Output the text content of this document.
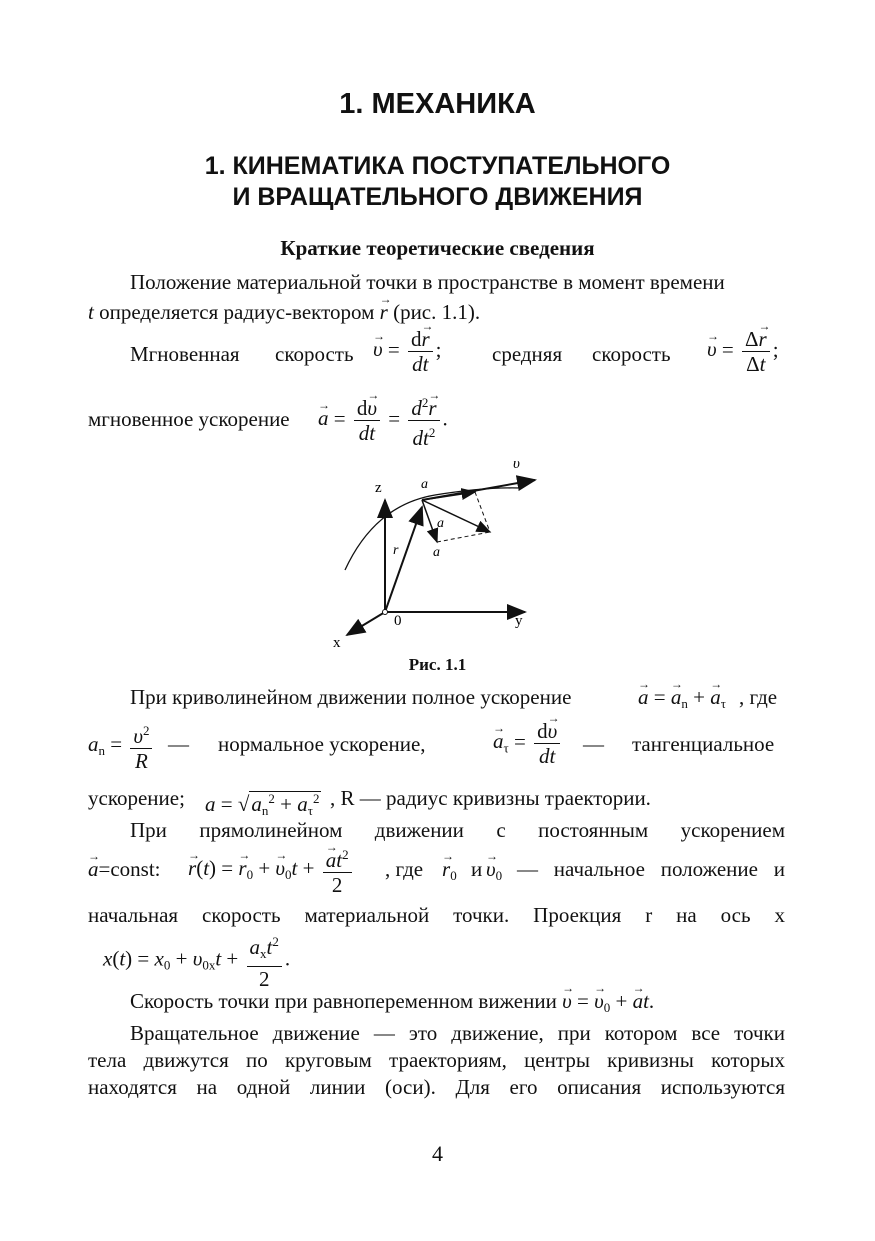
1. МЕХАНИКА
1. КИНЕМАТИКА ПОСТУПАТЕЛЬНОГО
И ВРАЩАТЕЛЬНОГО ДВИЖЕНИЯ
Краткие теоретические сведения
Положение материальной точки в пространстве в момент времени
t определяется радиус-вектором → r (рис. 1.1).
Мгновенная скорость
→ $\upsilon = \frac{d\to r}{dt}$ ; средняя скорость
→ $\upsilon = \frac{\Delta\to r}{\Delta t}$ ;
мгновенное ускорение
→ $a = \frac{d\to \upsilon}{dt} = \frac{d^2\to r}{dt^2}$ .
υ
z	a
a
r a
0	y
x
Рис. 1.1
При криволинейном движении полное ускорение
→	a = → $a_n$ + → $a_\tau$ , где
$a_n = \frac{\upsilon^2}{R}$ — нормальное ускорение,
→	$a_\tau = \frac{d\to \upsilon}{dt}$ — тангенциальное
ускорение; $a = √a_n^2 + a_\tau^2$ , R — радиус кривизны траектории.
При прямолинейном движении с постоянным ускорением
→ a=const:
→ r(t) = → $r_0$ + → $\upsilon_0t$ +
→ $\frac{at^2}{2}$ , где
→ $r_0$ и
→ $\upsilon_0$ — начальное положение и
начальная скорость материальной точки. Проекция r на ось x
$x(t) = x_0 + \upsilon_{0x}t + \frac{a_xt^2}{2}$ .
Скорость точки при равнопеременном вижении → υ = → $\upsilon_0$ + → at.
Вращательное движение — это движение, при котором все точки
тела движутся по круговым траекториям, центры кривизны которых
находятся на одной линии (оси). Для его описания используются
4
